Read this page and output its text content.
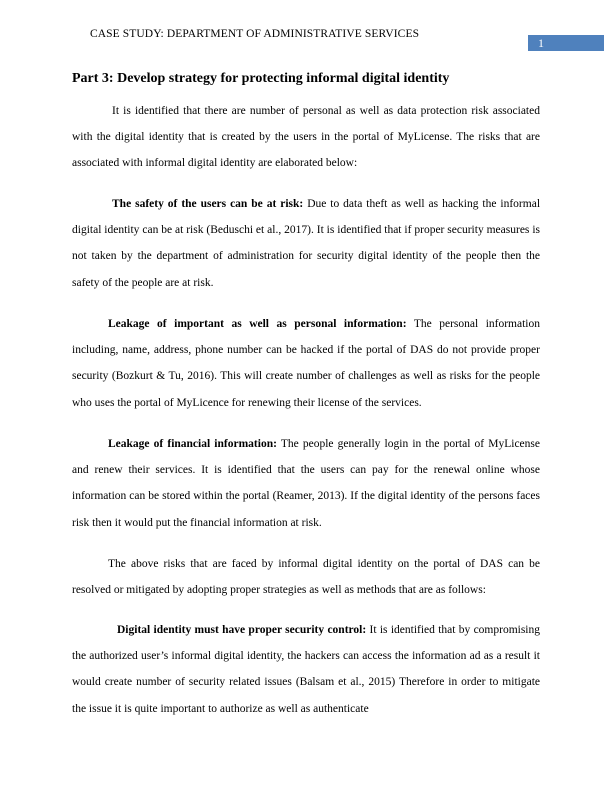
CASE STUDY: DEPARTMENT OF ADMINISTRATIVE SERVICES
1
Part 3: Develop strategy for protecting informal digital identity

It is identified that there are number of personal as well as data protection risk associated with the digital identity that is created by the users in the portal of MyLicense. The risks that are associated with informal digital identity are elaborated below:

The safety of the users can be at risk: Due to data theft as well as hacking the informal digital identity can be at risk (Beduschi et al., 2017). It is identified that if proper security measures is not taken by the department of administration for security digital identity of the people then the safety of the people are at risk.

Leakage of important as well as personal information: The personal information including, name, address, phone number can be hacked if the portal of DAS do not provide proper security (Bozkurt & Tu, 2016). This will create number of challenges as well as risks for the people who uses the portal of MyLicence for renewing their license of the services.

Leakage of financial information: The people generally login in the portal of MyLicense and renew their services. It is identified that the users can pay for the renewal online whose information can be stored within the portal (Reamer, 2013). If the digital identity of the persons faces risk then it would put the financial information at risk.

The above risks that are faced by informal digital identity on the portal of DAS can be resolved or mitigated by adopting proper strategies as well as methods that are as follows:

Digital identity must have proper security control: It is identified that by compromising the authorized user’s informal digital identity, the hackers can access the information ad as a result it would create number of security related issues (Balsam et al., 2015) Therefore in order to mitigate the issue it is quite important to authorize as well as authenticate
